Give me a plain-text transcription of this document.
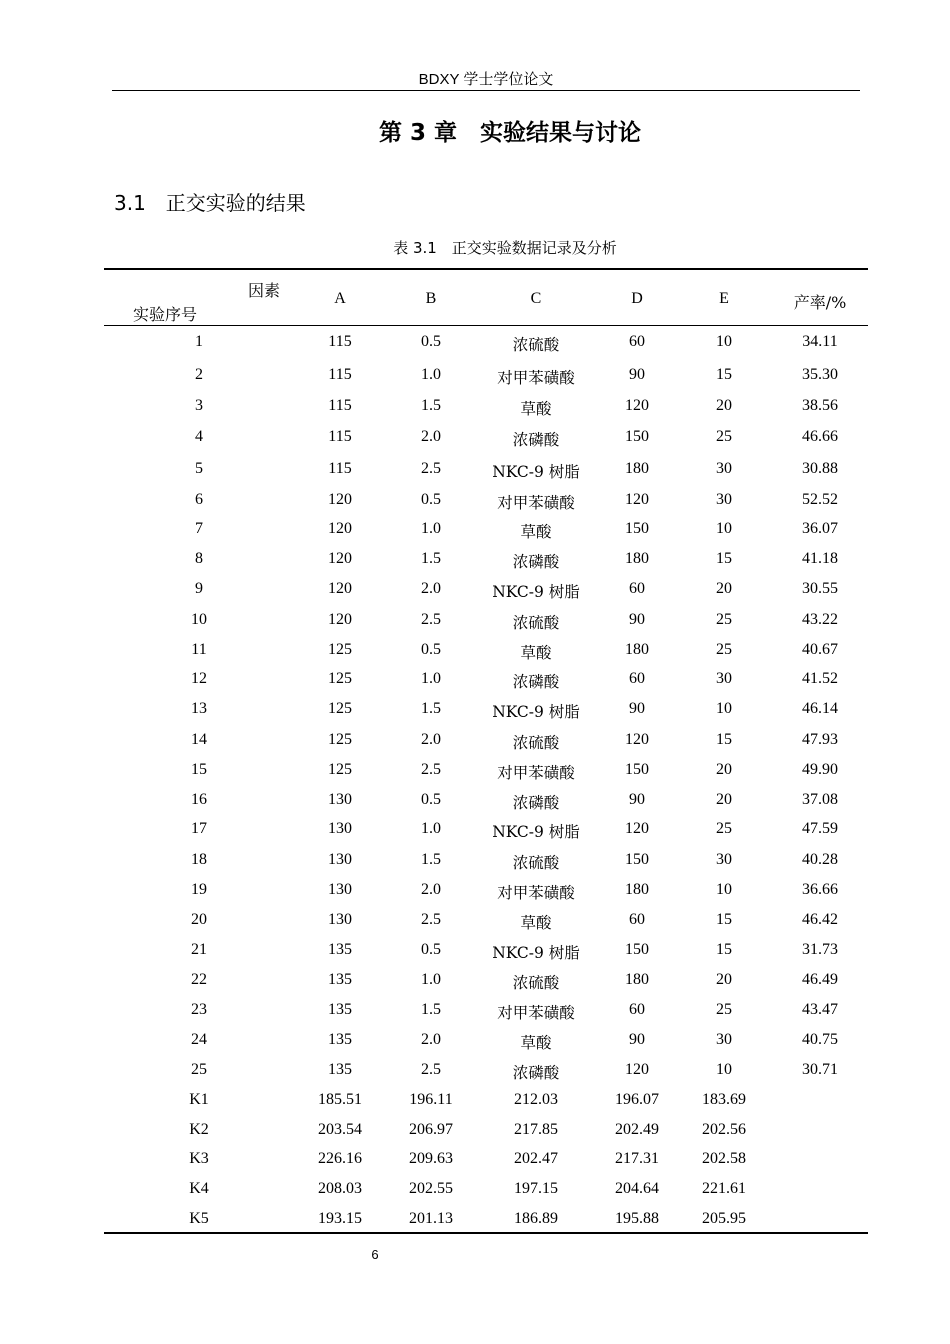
BDXY 学士学位论文
第 3 章　实验结果与讨论
3.1　正交实验的结果
表 3.1　正交实验数据记录及分析
因素
实验序号
A	B	C	D	E	产率/%
1	115	0.5	浓硫酸	60	10	34.11
2	115	1.0	对甲苯磺酸	90	15	35.30
3	115	1.5	草酸	120	20	38.56
4	115	2.0	浓磷酸	150	25	46.66
5	115	2.5	NKC-9 树脂	180	30	30.88
6	120	0.5	对甲苯磺酸	120	30	52.52
7	120	1.0	草酸	150	10	36.07
8	120	1.5	浓磷酸	180	15	41.18
9	120	2.0	NKC-9 树脂	60	20	30.55
10	120	2.5	浓硫酸	90	25	43.22
11	125	0.5	草酸	180	25	40.67
12	125	1.0	浓磷酸	60	30	41.52
13	125	1.5	NKC-9 树脂	90	10	46.14
14	125	2.0	浓硫酸	120	15	47.93
15	125	2.5	对甲苯磺酸	150	20	49.90
16	130	0.5	浓磷酸	90	20	37.08
17	130	1.0	NKC-9 树脂	120	25	47.59
18	130	1.5	浓硫酸	150	30	40.28
19	130	2.0	对甲苯磺酸	180	10	36.66
20	130	2.5	草酸	60	15	46.42
21	135	0.5	NKC-9 树脂	150	15	31.73
22	135	1.0	浓硫酸	180	20	46.49
23	135	1.5	对甲苯磺酸	60	25	43.47
24	135	2.0	草酸	90	30	40.75
25	135	2.5	浓磷酸	120	10	30.71
K1	185.51	196.11	212.03	196.07	183.69
K2	203.54	206.97	217.85	202.49	202.56
K3	226.16	209.63	202.47	217.31	202.58
K4	208.03	202.55	197.15	204.64	221.61
K5	193.15	201.13	186.89	195.88	205.95
6
